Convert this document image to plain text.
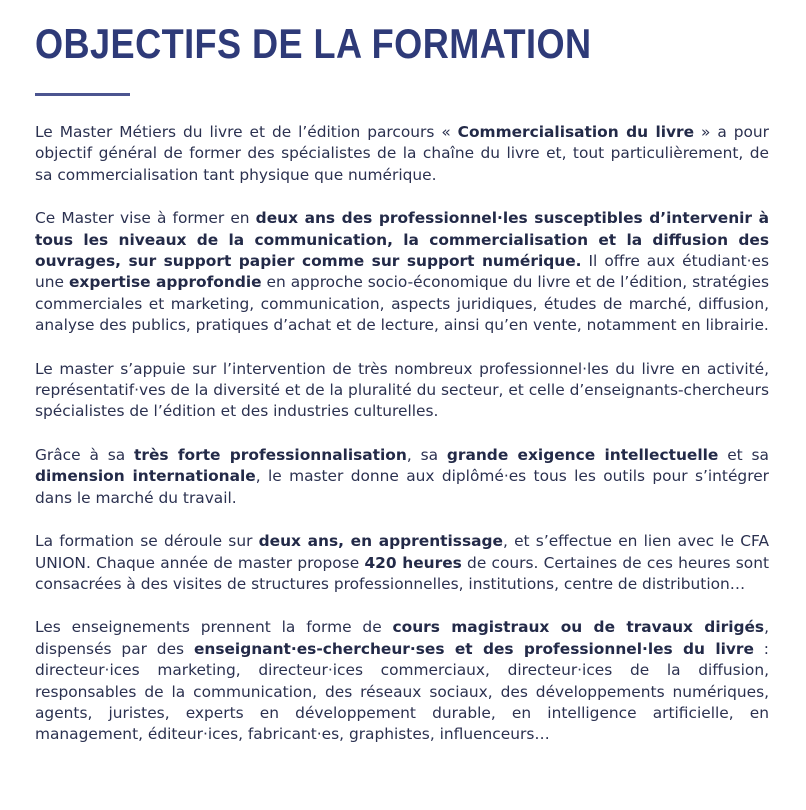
OBJECTIFS DE LA FORMATION

Le Master Métiers du livre et de l’édition parcours « Commercialisation du livre » a pour objectif général de former des spécialistes de la chaîne du livre et, tout particulièrement, de sa commercialisation tant physique que numérique.

Ce Master vise à former en deux ans des professionnel·les susceptibles d’intervenir à tous les niveaux de la communication, la commercialisation et la diffusion des ouvrages, sur support papier comme sur support numérique. Il offre aux étudiant·es une expertise approfondie en approche socio-économique du livre et de l’édition, stratégies commerciales et marketing, communication, aspects juridiques, études de marché, diffusion, analyse des publics, pratiques d’achat et de lecture, ainsi qu’en vente, notamment en librairie.

Le master s’appuie sur l’intervention de très nombreux professionnel·les du livre en activité, représentatif·ves de la diversité et de la pluralité du secteur, et celle d’enseignants-chercheurs spécialistes de l’édition et des industries culturelles.

Grâce à sa très forte professionnalisation, sa grande exigence intellectuelle et sa dimension internationale, le master donne aux diplômé·es tous les outils pour s’intégrer dans le marché du travail.

La formation se déroule sur deux ans, en apprentissage, et s’effectue en lien avec le CFA UNION. Chaque année de master propose 420 heures de cours. Certaines de ces heures sont consacrées à des visites de structures professionnelles, institutions, centre de distribution…

Les enseignements prennent la forme de cours magistraux ou de travaux dirigés, dispensés par des enseignant·es-chercheur·ses et des professionnel·les du livre : directeur·ices marketing, directeur·ices commerciaux, directeur·ices de la diffusion, responsables de la communication, des réseaux sociaux, des développements numériques, agents, juristes, experts en développement durable, en intelligence artificielle, en management, éditeur·ices, fabricant·es, graphistes, influenceurs…
